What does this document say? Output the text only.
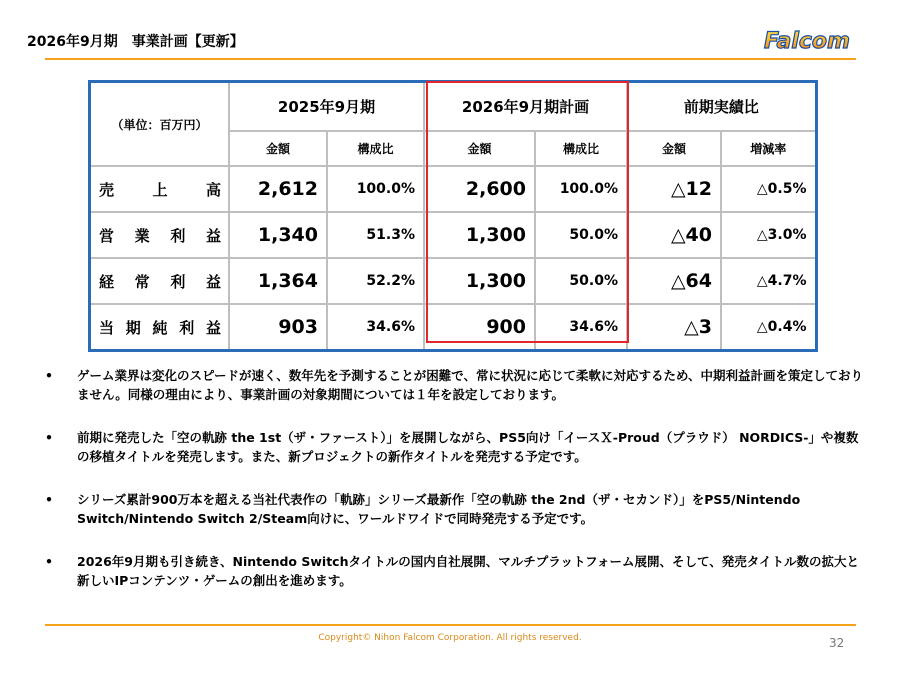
2026年9月期　事業計画【更新】	Falcom
（単位：百万円）	2025年9月期		2026年9月期計画		前期実績比	
	金額	構成比	金額	構成比	金額	増減率

売 上 高	2,612	100.0%	2,600	100.0%	△12	△0.5%

営 業 利 益	1,340	51.3%	1,300	50.0%	△40	△3.0%

経 常 利 益	1,364	52.2%	1,300	50.0%	△64	△4.7%

当 期 純 利 益	903	34.6%	900	34.6%	△3	△0.4%
• ゲーム業界は変化のスピードが速く、数年先を予測することが困難で、常に状況に応じて柔軟に対応するため、中期利益計画を策定しておりません。同様の理由により、事業計画の対象期間については１年を設定しております。
• 前期に発売した「空の軌跡 the 1st（ザ・ファースト）」を展開しながら、PS5向け「イースＸ-Proud（プラウド） NORDICS-」や複数の移植タイトルを発売します。また、新プロジェクトの新作タイトルを発売する予定です。
• シリーズ累計900万本を超える当社代表作の「軌跡」シリーズ最新作「空の軌跡 the 2nd（ザ・セカンド）」をPS5/Nintendo Switch/Nintendo Switch 2/Steam向けに、ワールドワイドで同時発売する予定です。
• 2026年9月期も引き続き、Nintendo Switchタイトルの国内自社展開、マルチプラットフォーム展開、そして、発売タイトル数の拡大と新しいIPコンテンツ・ゲームの創出を進めます。
Copyright© Nihon Falcom Corporation. All rights reserved.	32
